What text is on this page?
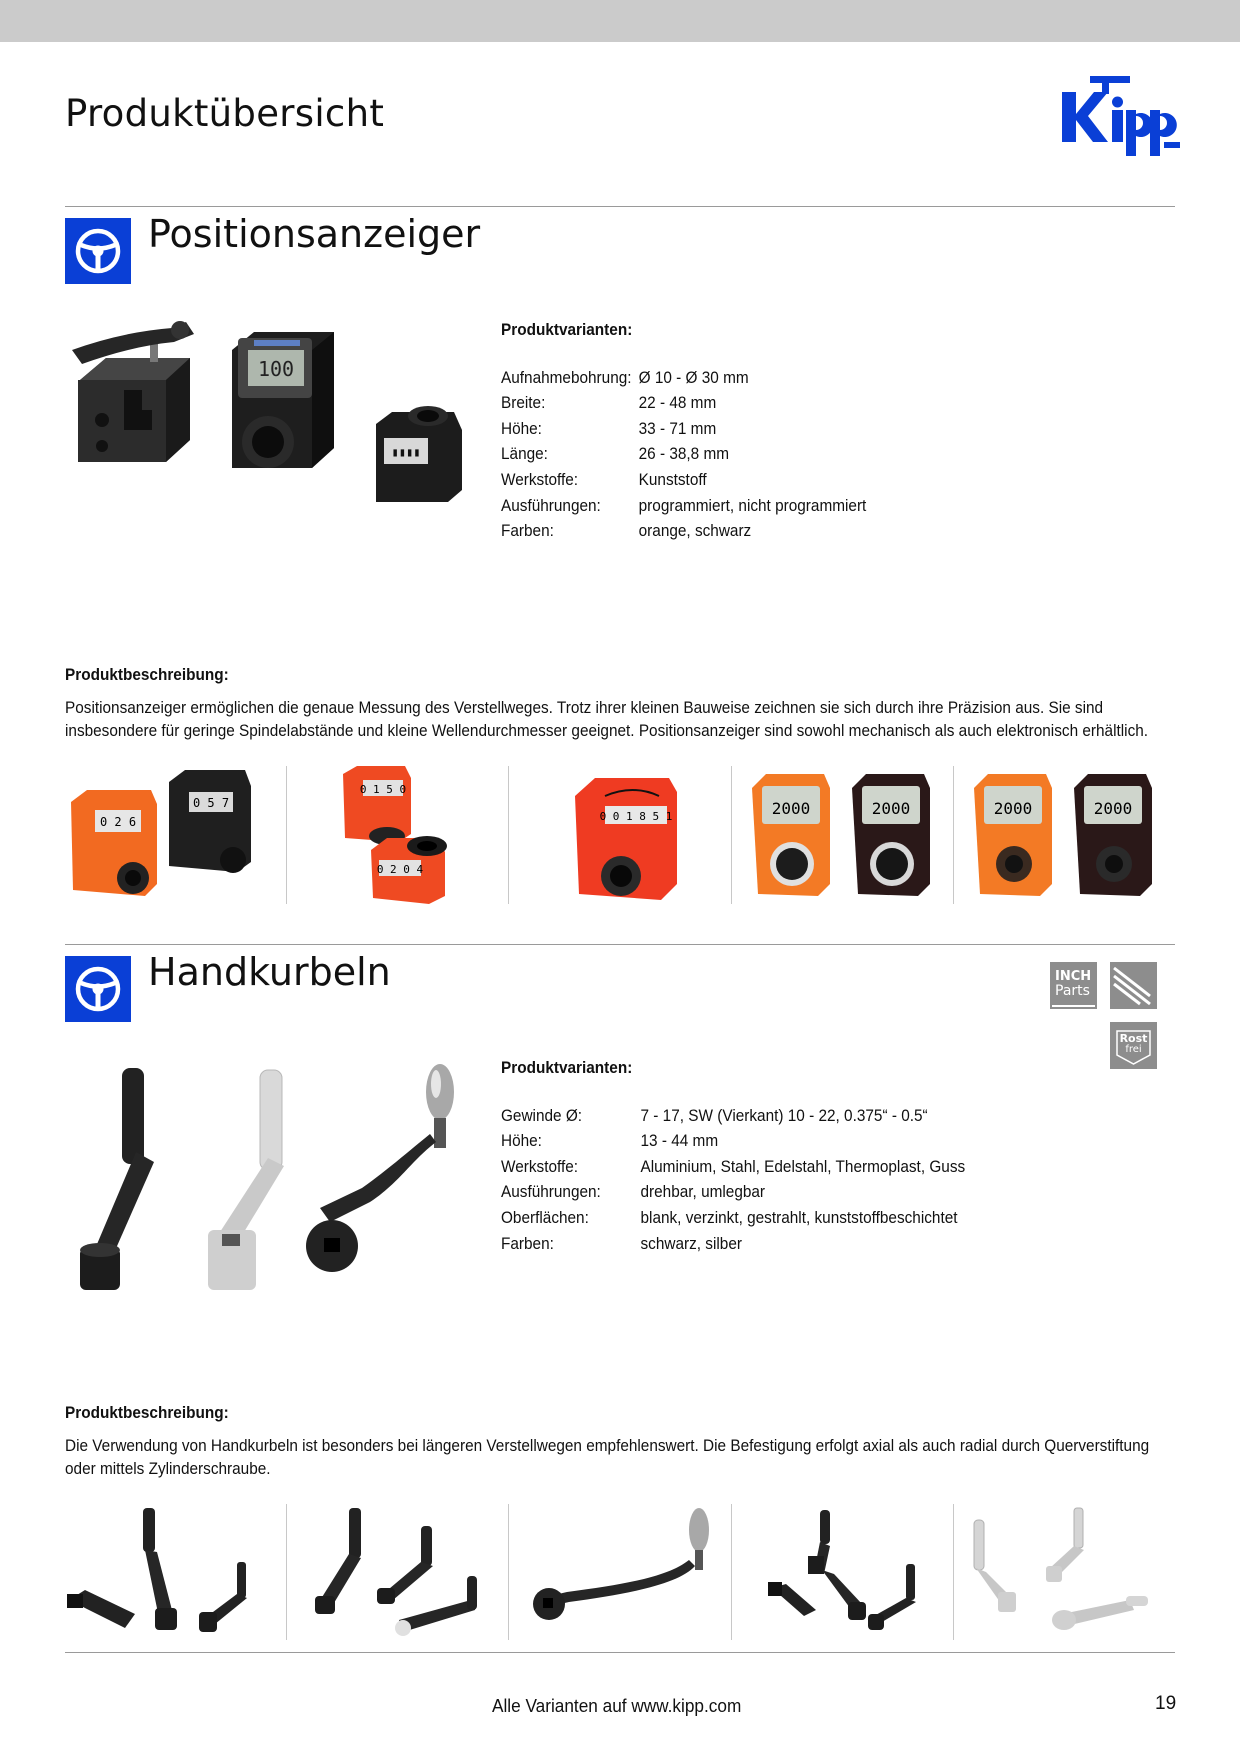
Produktübersicht
Positionsanzeiger
100
▮▮▮▮
Produktvarianten:
Aufnahmebohrung: Ø 10 - Ø 30 mm
Breite:	22 - 48 mm
Höhe:	33 - 71 mm
Länge:	26 - 38,8 mm
Werkstoffe:	Kunststoff
Ausführungen:	programmiert, nicht programmiert
Farben:	orange, schwarz
Produktbeschreibung:
Positionsanzeiger ermöglichen die genaue Messung des Verstellweges. Trotz ihrer kleinen Bauweise zeichnen sie sich durch ihre Präzision aus. Sie sind insbesondere für geringe Spindelabstände und kleine Wellendurchmesser geeignet. Positionsanzeiger sind sowohl mechanisch als auch elektronisch erhältlich.
0 2 6
0 5 7
0 1 5 0
0 2 0 4
0 0 1 8 5 1	2000	2000	2000	2000
Handkurbeln	INCH
Parts
Rost
frei
Produktvarianten:
Gewinde Ø:	7 - 17, SW (Vierkant) 10 - 22, 0.375“ - 0.5“
Höhe:	13 - 44 mm
Werkstoffe:	Aluminium, Stahl, Edelstahl, Thermoplast, Guss
Ausführungen:	drehbar, umlegbar
Oberflächen:	blank, verzinkt, gestrahlt, kunststoffbeschichtet
Farben:	schwarz, silber
Produktbeschreibung:
Die Verwendung von Handkurbeln ist besonders bei längeren Verstellwegen empfehlenswert. Die Befestigung erfolgt axial als auch radial durch Querverstiftung oder mittels Zylinderschraube.
Alle Varianten auf www.kipp.com	19
